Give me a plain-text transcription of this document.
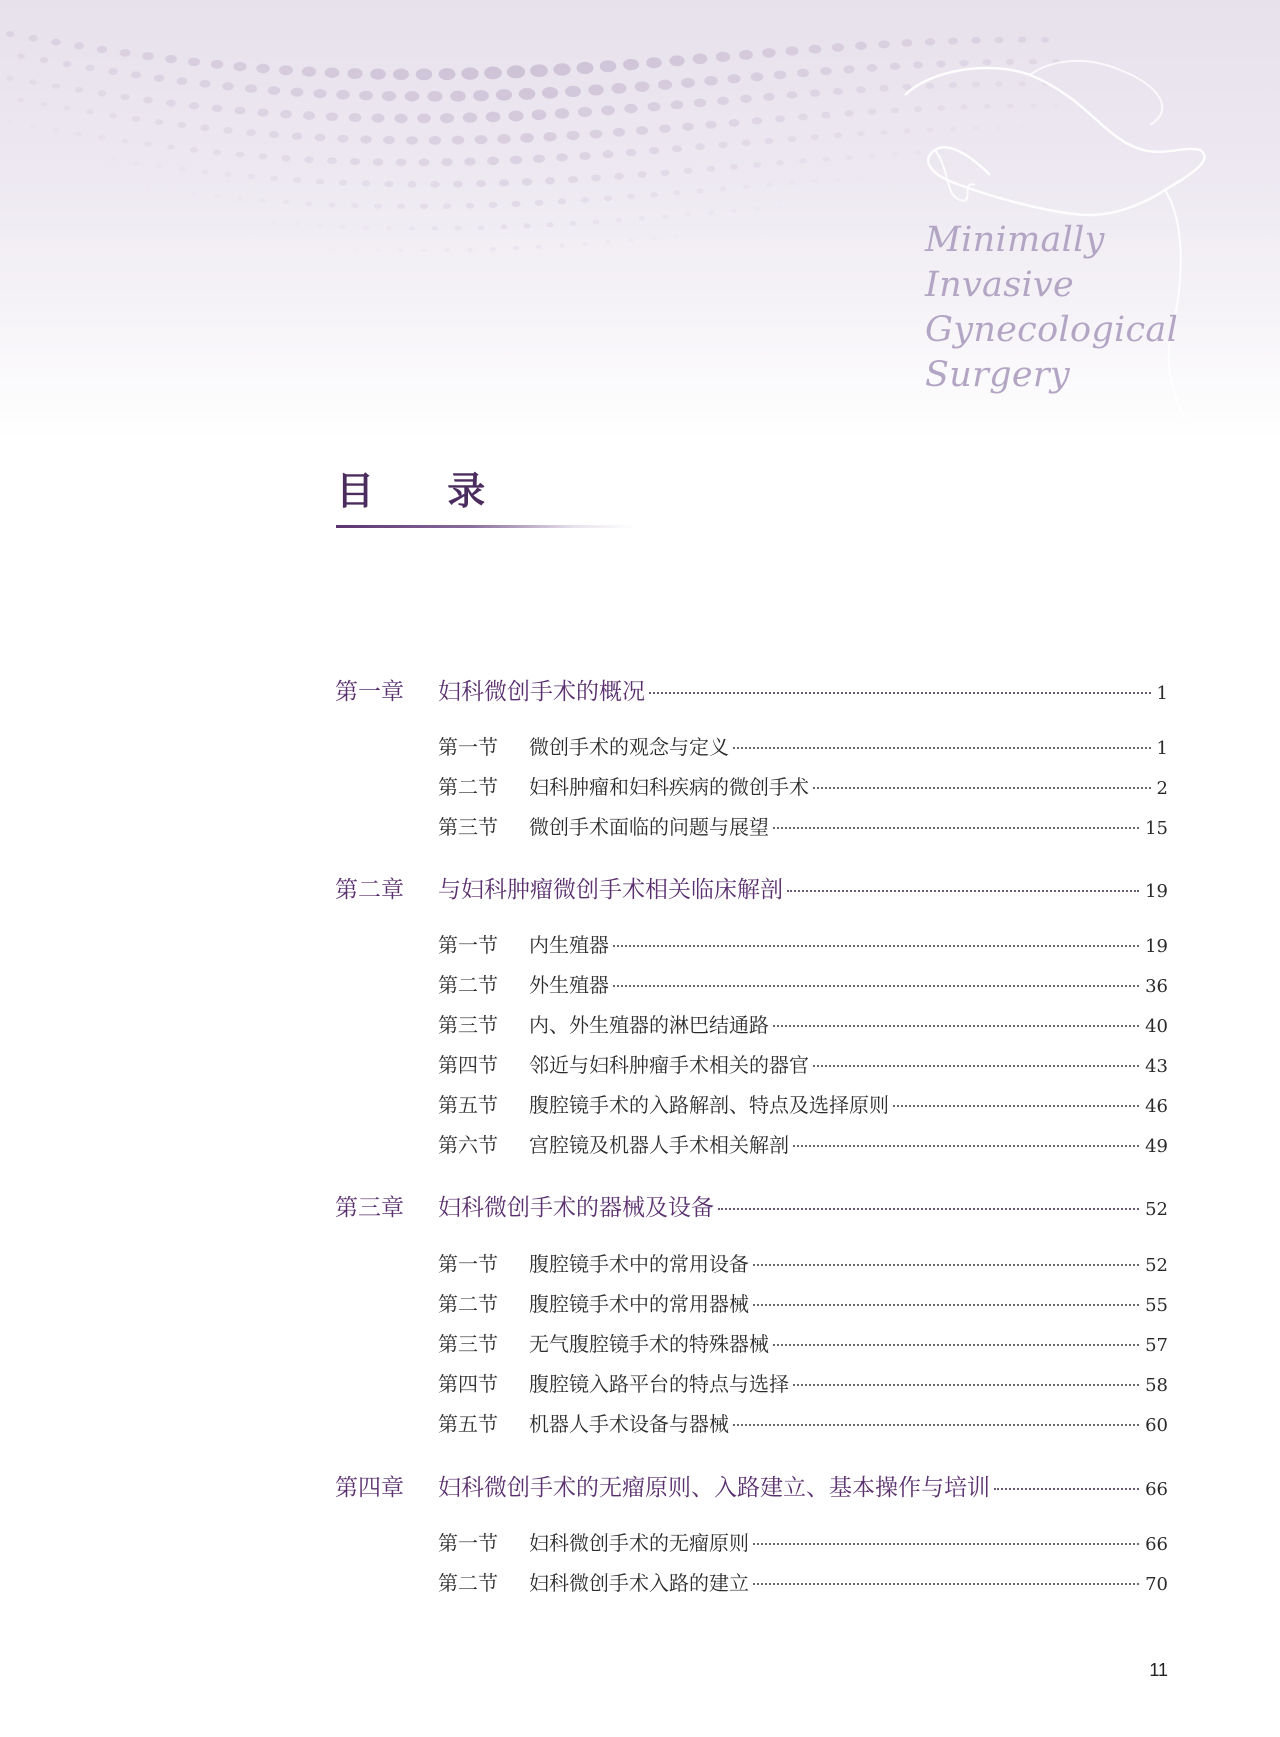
Minimally
Invasive
Gynecological
Surgery
目 录
第一章	妇科微创手术的概况	1
第一节	微创手术的观念与定义	1
第二节	妇科肿瘤和妇科疾病的微创手术	2
第三节	微创手术面临的问题与展望	15
第二章	与妇科肿瘤微创手术相关临床解剖	19
第一节	内生殖器	19
第二节	外生殖器	36
第三节	内、外生殖器的淋巴结通路	40
第四节	邻近与妇科肿瘤手术相关的器官	43
第五节	腹腔镜手术的入路解剖、特点及选择原则	46
第六节	宫腔镜及机器人手术相关解剖	49
第三章	妇科微创手术的器械及设备	52
第一节	腹腔镜手术中的常用设备	52
第二节	腹腔镜手术中的常用器械	55
第三节	无气腹腔镜手术的特殊器械	57
第四节	腹腔镜入路平台的特点与选择	58
第五节	机器人手术设备与器械	60
第四章	妇科微创手术的无瘤原则、入路建立、基本操作与培训	66
第一节	妇科微创手术的无瘤原则	66
第二节	妇科微创手术入路的建立	70
11
